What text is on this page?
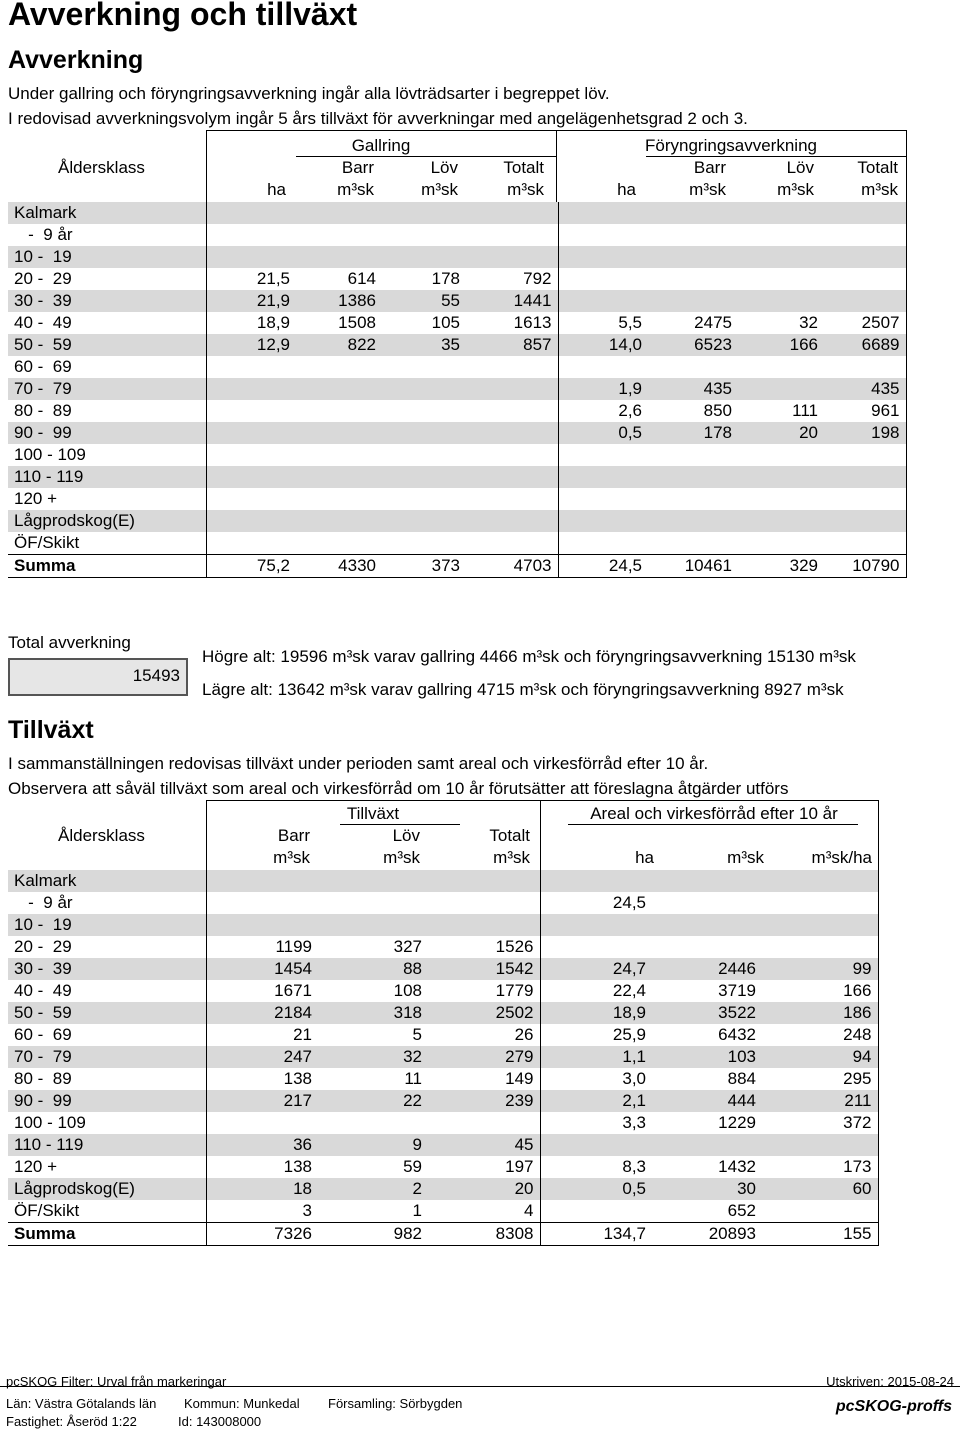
Avverkning och tillväxt
Avverkning
Under gallring och föryngringsavverkning ingår alla lövträdsarter i begreppet löv.
I redovisad avverkningsvolym ingår 5 års tillväxt för avverkningar med angelägenhetsgrad 2 och 3.
Gallring	Föryngringsavverkning
Åldersklass	Barr	Löv	Totalt	Barr	Löv	Totalt
ha	m³sk	m³sk	m³sk	ha	m³sk	m³sk	m³sk
Kalmark								
-  9 år								
10 -  19								
20 -  29	21,5	614	178	792				
30 -  39	21,9	1386	55	1441				
40 -  49	18,9	1508	105	1613	5,5	2475	32	2507
50 -  59	12,9	822	35	857	14,0	6523	166	6689
60 -  69								
70 -  79					1,9	435		435
80 -  89					2,6	850	111	961
90 -  99					0,5	178	20	198
100 - 109								
110 - 119								
120 +								
Lågprodskog(E)								
ÖF/Skikt								
Summa	75,2	4330	373	4703	24,5	10461	329	10790
Total avverkning
15493
Högre alt: 19596 m³sk varav gallring 4466 m³sk och föryngringsavverkning 15130 m³sk
Lägre alt: 13642 m³sk varav gallring 4715 m³sk och föryngringsavverkning 8927 m³sk
Tillväxt
I sammanställningen redovisas tillväxt under perioden samt areal och virkesförråd efter 10 år.
Observera att såväl tillväxt som areal och virkesförråd om 10 år förutsätter att föreslagna åtgärder utförs
Tillväxt	Areal och virkesförråd efter 10 år
Åldersklass	Barr	Löv	Totalt
m³sk	m³sk	m³sk	ha	m³sk	m³sk/ha
Kalmark						
-  9 år				24,5		
10 -  19						
20 -  29	1199	327	1526			
30 -  39	1454	88	1542	24,7	2446	99
40 -  49	1671	108	1779	22,4	3719	166
50 -  59	2184	318	2502	18,9	3522	186
60 -  69	21	5	26	25,9	6432	248
70 -  79	247	32	279	1,1	103	94
80 -  89	138	11	149	3,0	884	295
90 -  99	217	22	239	2,1	444	211
100 - 109				3,3	1229	372
110 - 119	36	9	45			
120 +	138	59	197	8,3	1432	173
Lågprodskog(E)	18	2	20	0,5	30	60
ÖF/Skikt	3	1	4		652	
Summa	7326	982	8308	134,7	20893	155
pcSKOG Filter: Urval från markeringar	Utskriven: 2015-08-24
Län: Västra Götalands län Kommun: Munkedal Församling: Sörbygden
Fastighet: Åseröd 1:22	Id: 143008000
pcSKOG-proffs
